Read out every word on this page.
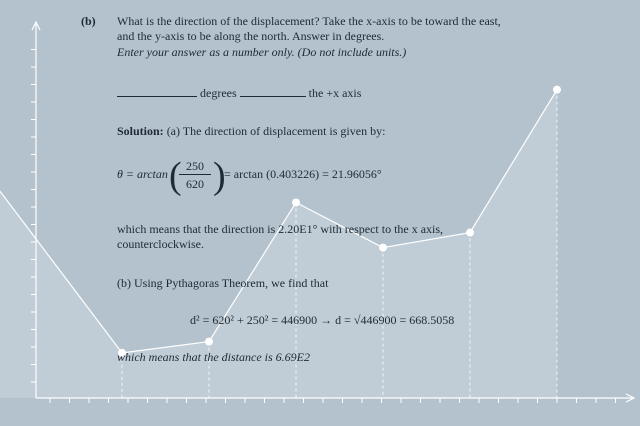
(b) What is the direction of the displacement? Take the x-axis to be toward the east,
and the y-axis to be along the north. Answer in degrees.
Enter your answer as a number only. (Do not include units.)
degrees	the +x axis
Solution: (a) The direction of displacement is given by:
θ = arctan ( 250
620 )
= arctan (0.403226) = 21.96056°
which means that the direction is 2.20E1° with respect to the x axis,
counterclockwise.
(b) Using Pythagoras Theorem, we find that
d² = 620² + 250² = 446900 → d = √446900 = 668.5058
which means that the distance is 6.69E2
